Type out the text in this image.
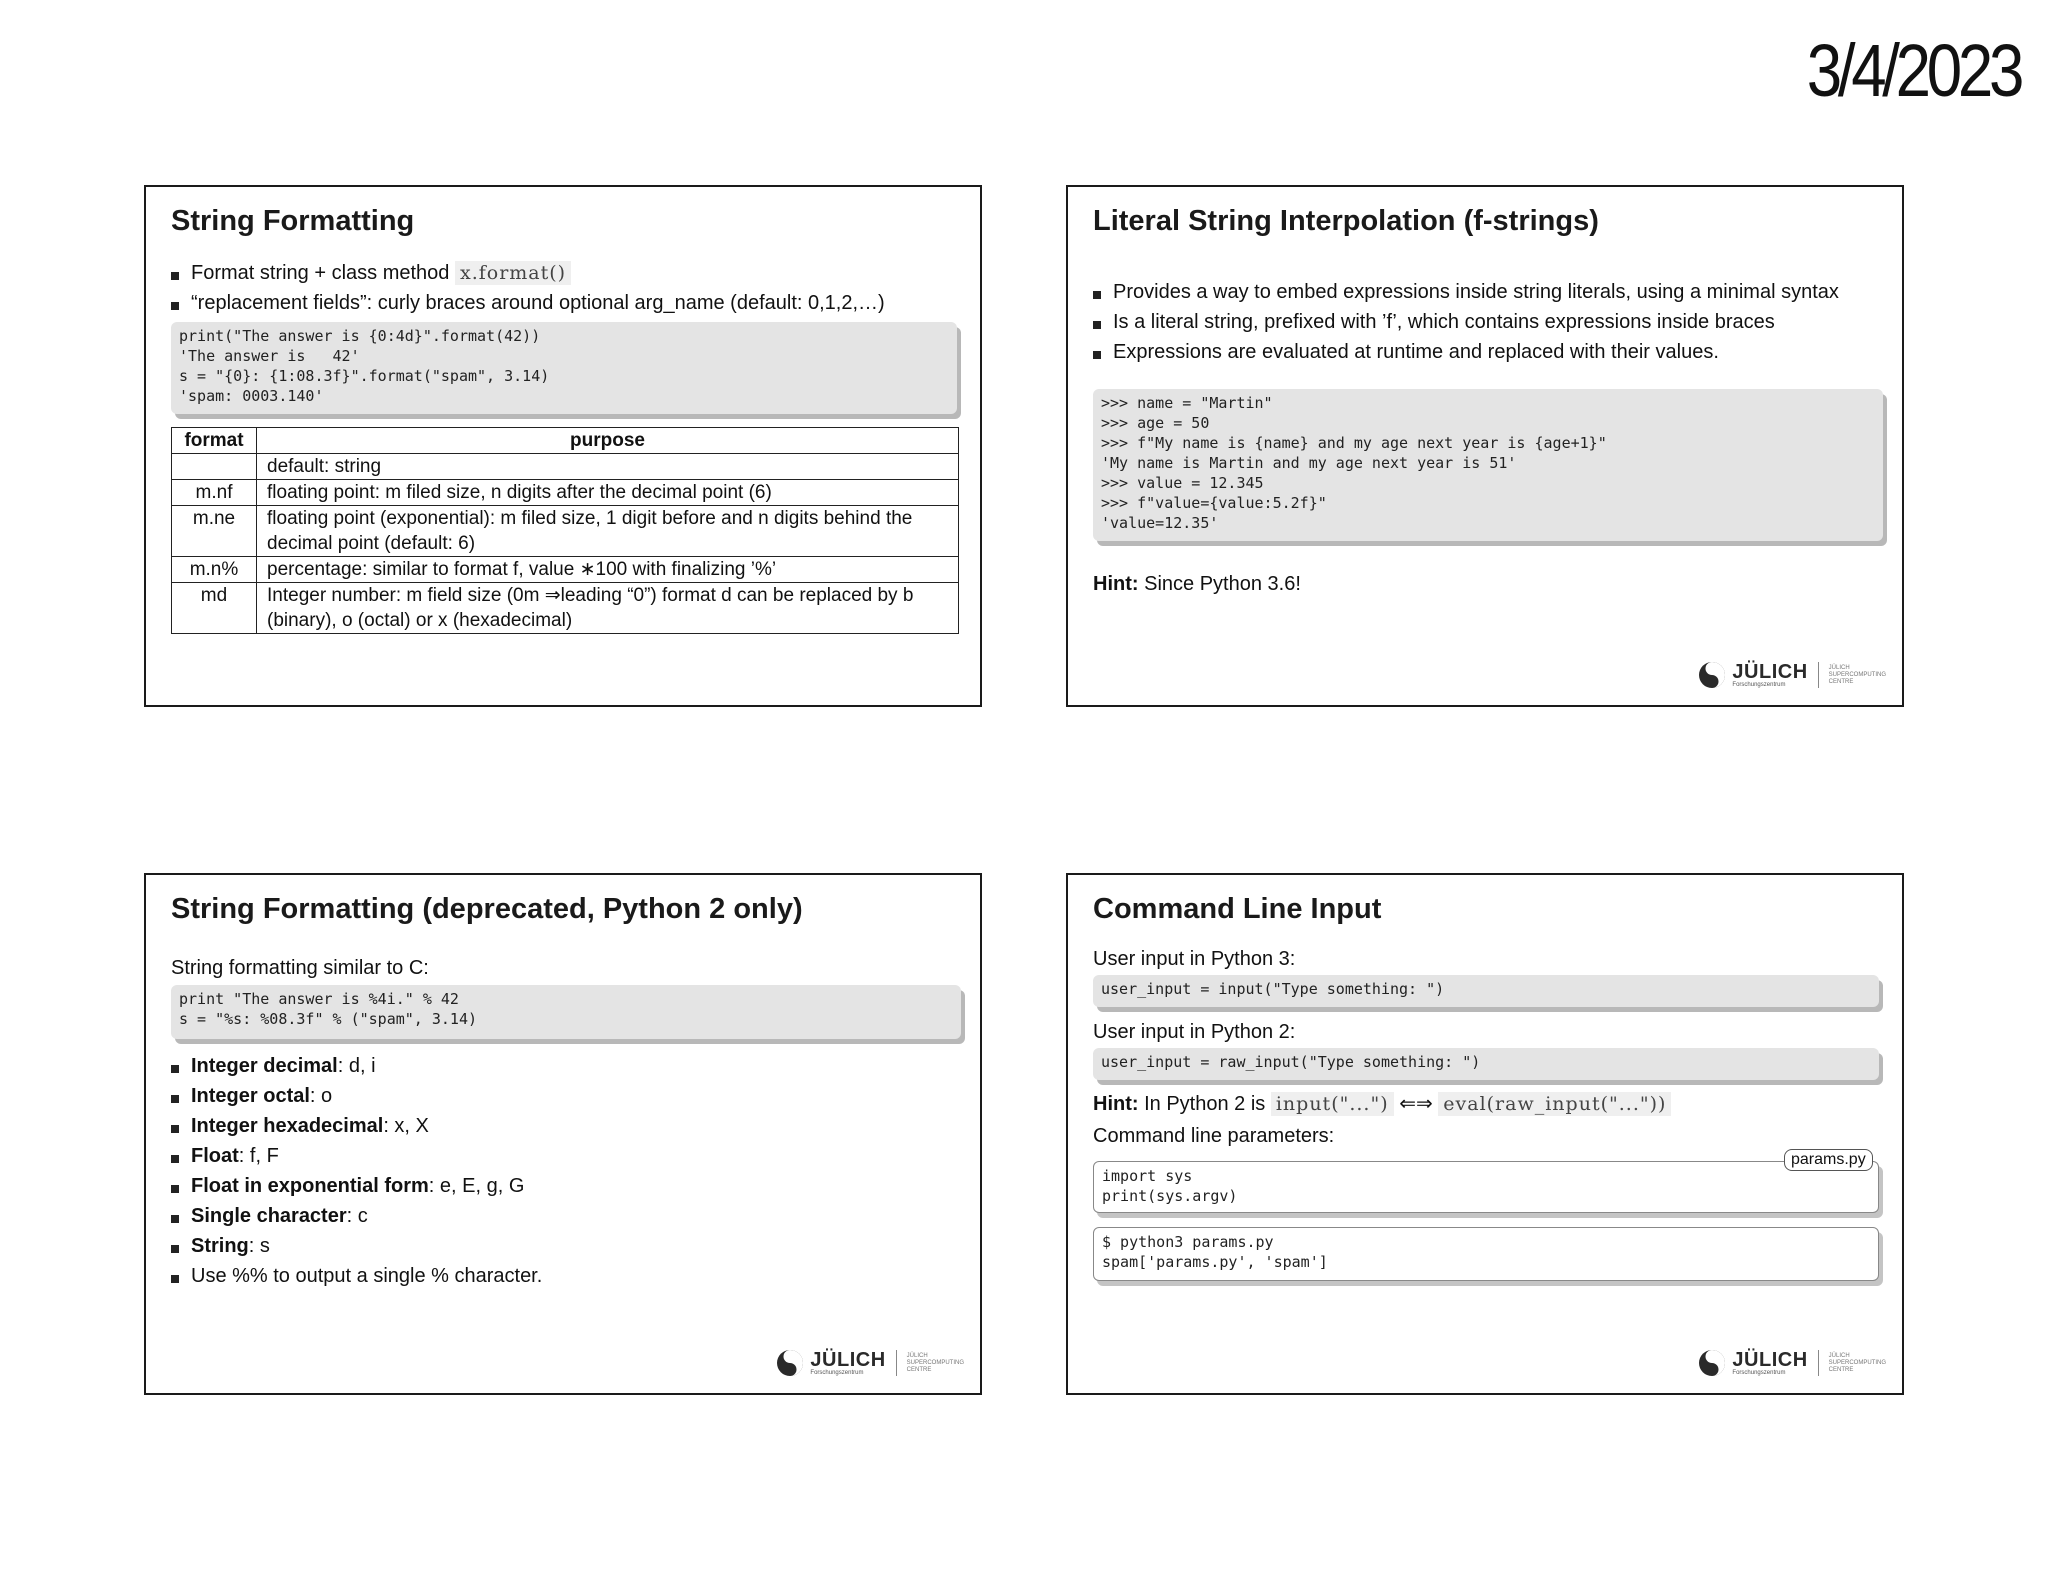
3/4/2023
String Formatting
Format string + class method x.format()
“replacement fields”: curly braces around optional arg_name (default: 0,1,2,…)
print("The answer is {0:4d}".format(42))
'The answer is   42'
s = "{0}: {1:08.3f}".format("spam", 3.14)
'spam: 0003.140'
format	purpose
	default: string
m.nf	floating point: m filed size, n digits after the decimal point (6)
m.ne	floating point (exponential): m filed size, 1 digit before and n digits behind the decimal point (default: 6)
m.n%	percentage: similar to format f, value ∗100 with finalizing ’%’
md	Integer number: m field size (0m ⇒leading “0”) format d can be replaced by b (binary), o (octal) or x (hexadecimal)
Literal String Interpolation (f-strings)
Provides a way to embed expressions inside string literals, using a minimal syntax
Is a literal string, prefixed with ’f’, which contains expressions inside braces
Expressions are evaluated at runtime and replaced with their values.
>>> name = "Martin"
>>> age = 50
>>> f"My name is {name} and my age next year is {age+1}"
'My name is Martin and my age next year is 51'
>>> value = 12.345
>>> f"value={value:5.2f}"
'value=12.35'
Hint: Since Python 3.6!
JÜLICH
Forschungszentrum
JÜLICH
SUPERCOMPUTING
CENTRE
String Formatting (deprecated, Python 2 only)
String formatting similar to C:
print "The answer is %4i." % 42
s = "%s: %08.3f" % ("spam", 3.14)
Integer decimal: d, i
Integer octal: o
Integer hexadecimal: x, X
Float: f, F
Float in exponential form: e, E, g, G
Single character: c
String: s
Use %% to output a single % character.
JÜLICH
Forschungszentrum
JÜLICH
SUPERCOMPUTING
CENTRE
Command Line Input
User input in Python 3:
user_input = input("Type something: ")
User input in Python 2:
user_input = raw_input("Type something: ")
Hint: In Python 2 is input("...") ⇐⇒ eval(raw_input("..."))
Command line parameters:
import sys
print(sys.argv)
params.py
$ python3 params.py
spam['params.py', 'spam']
JÜLICH
Forschungszentrum
JÜLICH
SUPERCOMPUTING
CENTRE
